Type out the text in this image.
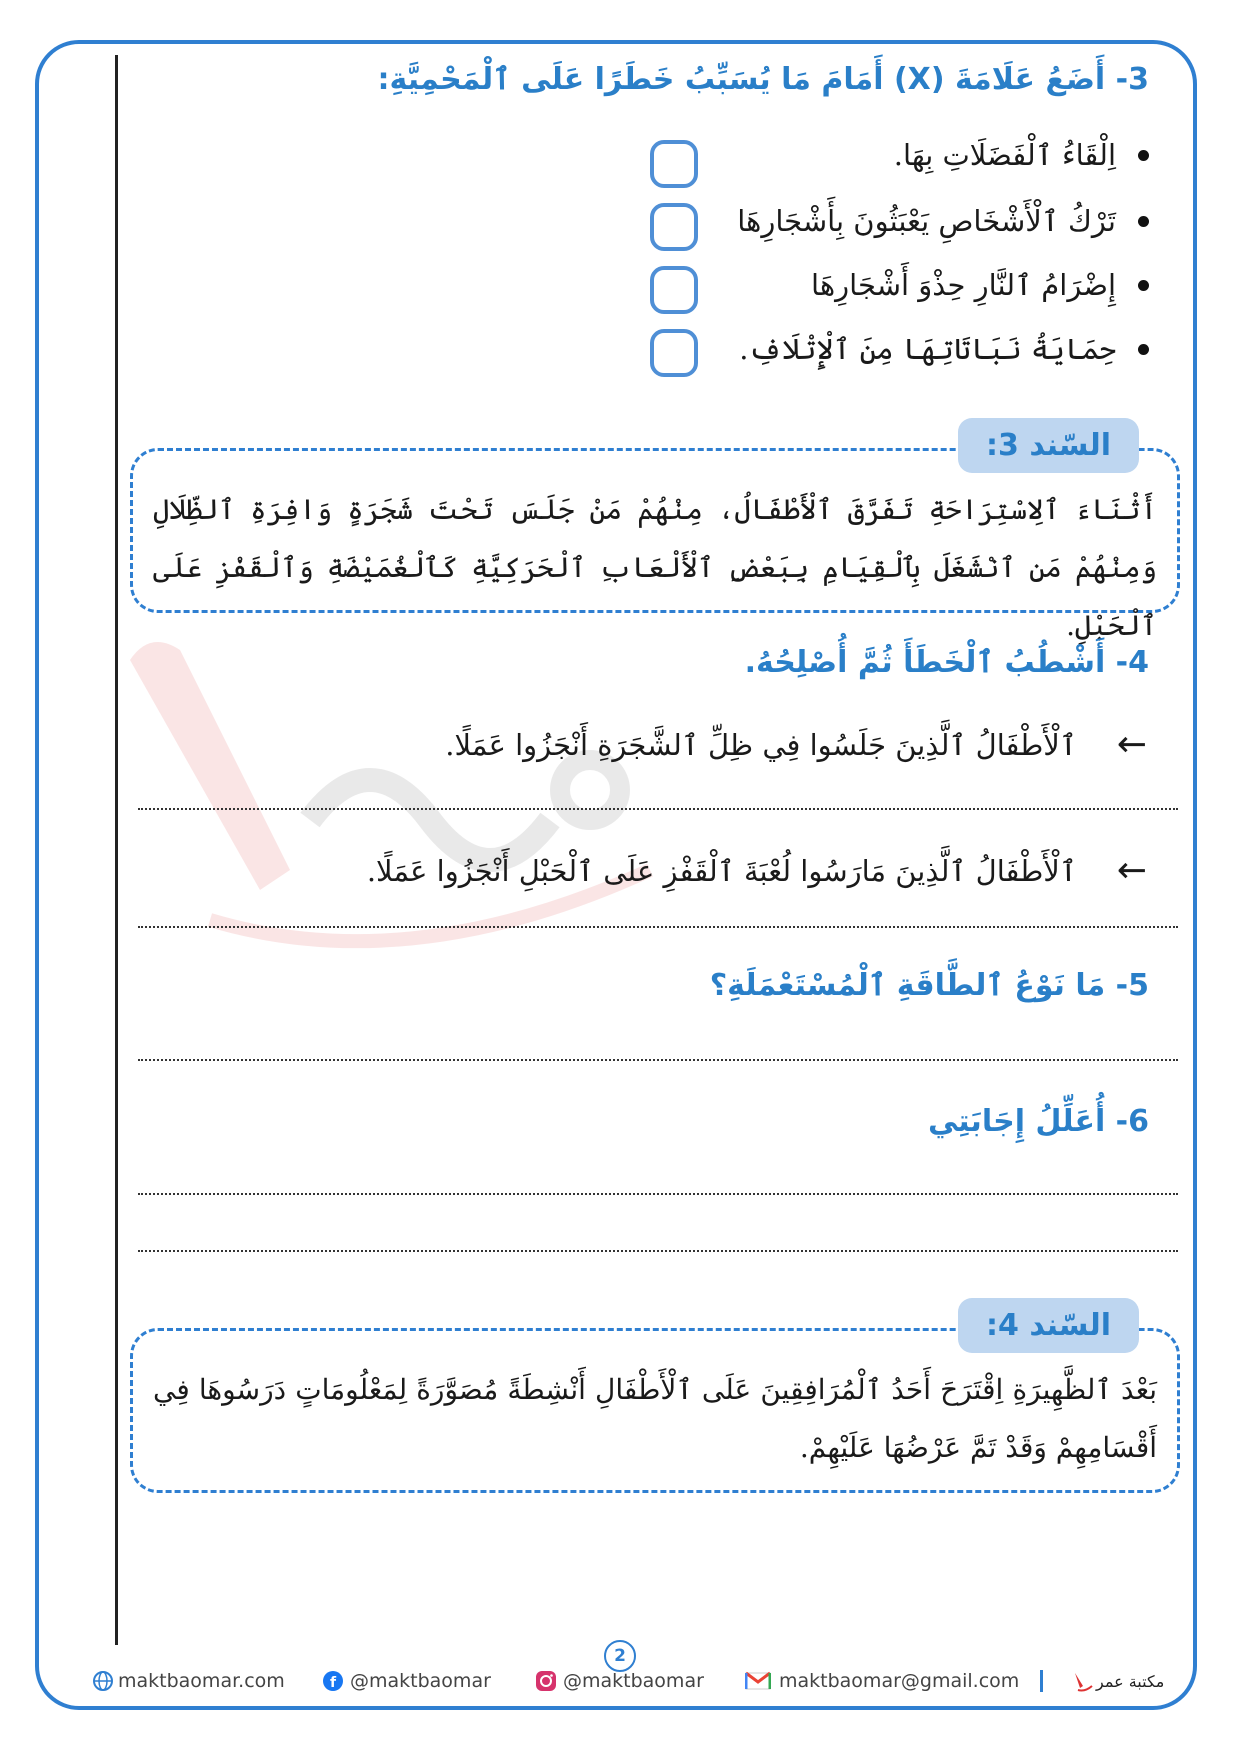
3- أَضَعُ عَلَامَةَ (X) أَمَامَ مَا يُسَبِّبُ خَطَرًا عَلَى ٱلْمَحْمِيَّةِ:
اِلْقَاءُ ٱلْفَضَلَاتِ بِهَا.
تَرْكُ ٱلْأَشْخَاصِ يَعْبَثُونَ بِأَشْجَارِهَا
إِضْرَامُ ٱلنَّارِ حِذْوَ أَشْجَارِهَا
حِمَايَةُ نَبَاتَاتِهَا مِنَ ٱلْإِتْلَافِ.
أَثْنَاءَ ٱلِاسْتِرَاحَةِ تَفَرَّقَ ٱلْأَطْفَالُ، مِنْهُمْ مَنْ جَلَسَ تَحْتَ شَجَرَةٍ وَافِرَةِ ٱلظِّلَالِ وَمِنْهُمْ مَنِ ٱنْشَغَلَ بِٱلْقِيَامِ بِبَعْضِ ٱلْأَلْعَابِ ٱلْحَرَكِيَّةِ كَٱلْغُمَيْضَةِ وَٱلْقَفْزِ عَلَى ٱلْحَبْلِ.
السّند 3:
4- أَشْطُبُ ٱلْخَطَأَ ثُمَّ أُصْلِحُهُ.
←
ٱلْأَطْفَالُ ٱلَّذِينَ جَلَسُوا فِي ظِلِّ ٱلشَّجَرَةِ أَنْجَزُوا عَمَلًا.
←
ٱلْأَطْفَالُ ٱلَّذِينَ مَارَسُوا لُعْبَةَ ٱلْقَفْزِ عَلَى ٱلْحَبْلِ أَنْجَزُوا عَمَلًا.
5- مَا نَوْعُ ٱلطَّاقَةِ ٱلْمُسْتَعْمَلَةِ؟
6- أُعَلِّلُ إِجَابَتِي
بَعْدَ ٱلظَّهِيرَةِ اِقْتَرَحَ أَحَدُ ٱلْمُرَافِقِينَ عَلَى ٱلْأَطْفَالِ أَنْشِطَةً مُصَوَّرَةً لِمَعْلُومَاتٍ دَرَسُوهَا فِي أَقْسَامِهِمْ وَقَدْ تَمَّ عَرْضُهَا عَلَيْهِمْ.
السّند 4:
2
maktbaomar.com	f @maktbaomar	@maktbaomar	maktbaomar@gmail.com	مكتبة عمر
